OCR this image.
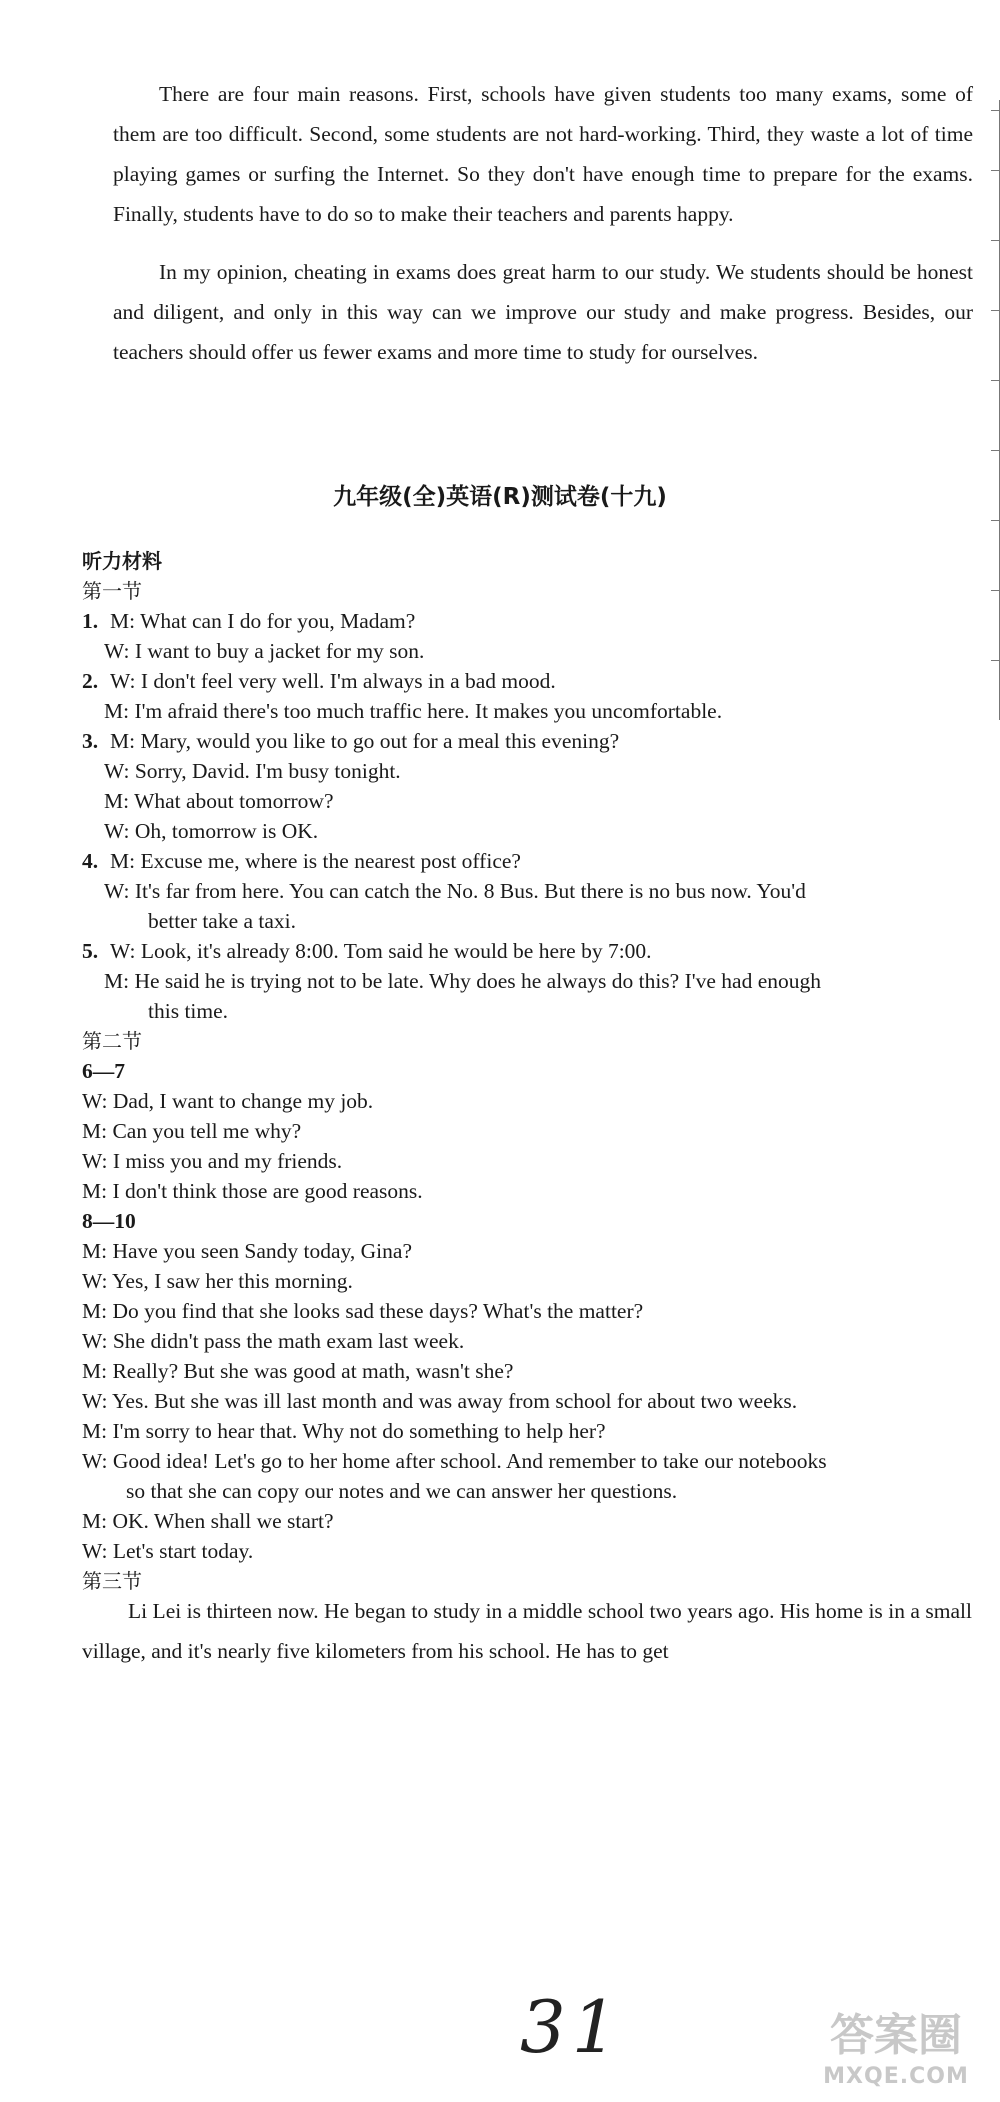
There are four main reasons. First, schools have given students too many exams, some of them are too difficult. Second, some students are not hard-working. Third, they waste a lot of time playing games or surfing the Internet. So they don't have enough time to prepare for the exams. Finally, students have to do so to make their teachers and parents happy.

In my opinion, cheating in exams does great harm to our study. We students should be honest and diligent, and only in this way can we improve our study and make progress. Besides, our teachers should offer us fewer exams and more time to study for ourselves.

九年级(全)英语(R)测试卷(十九)

听力材料

第一节

1. M: What can I do for you, Madam?

W: I want to buy a jacket for my son.

2. W: I don't feel very well. I'm always in a bad mood.

M: I'm afraid there's too much traffic here. It makes you uncomfortable.

3. M: Mary, would you like to go out for a meal this evening?

W: Sorry, David. I'm busy tonight.

M: What about tomorrow?

W: Oh, tomorrow is OK.

4. M: Excuse me, where is the nearest post office?

W: It's far from here. You can catch the No. 8 Bus. But there is no bus now. You'd

better take a taxi.

5. W: Look, it's already 8:00. Tom said he would be here by 7:00.

M: He said he is trying not to be late. Why does he always do this? I've had enough

this time.

第二节

6—7

W: Dad, I want to change my job.

M: Can you tell me why?

W: I miss you and my friends.

M: I don't think those are good reasons.

8—10

M: Have you seen Sandy today, Gina?

W: Yes, I saw her this morning.

M: Do you find that she looks sad these days? What's the matter?

W: She didn't pass the math exam last week.

M: Really? But she was good at math, wasn't she?

W: Yes. But she was ill last month and was away from school for about two weeks.

M: I'm sorry to hear that. Why not do something to help her?

W: Good idea! Let's go to her home after school. And remember to take our notebooks

so that she can copy our notes and we can answer her questions.

M: OK. When shall we start?

W: Let's start today.

第三节

Li Lei is thirteen now. He began to study in a middle school two years ago. His home is in a small village, and it's nearly five kilometers from his school. He has to get

31	答案圈
MXQE.COM
